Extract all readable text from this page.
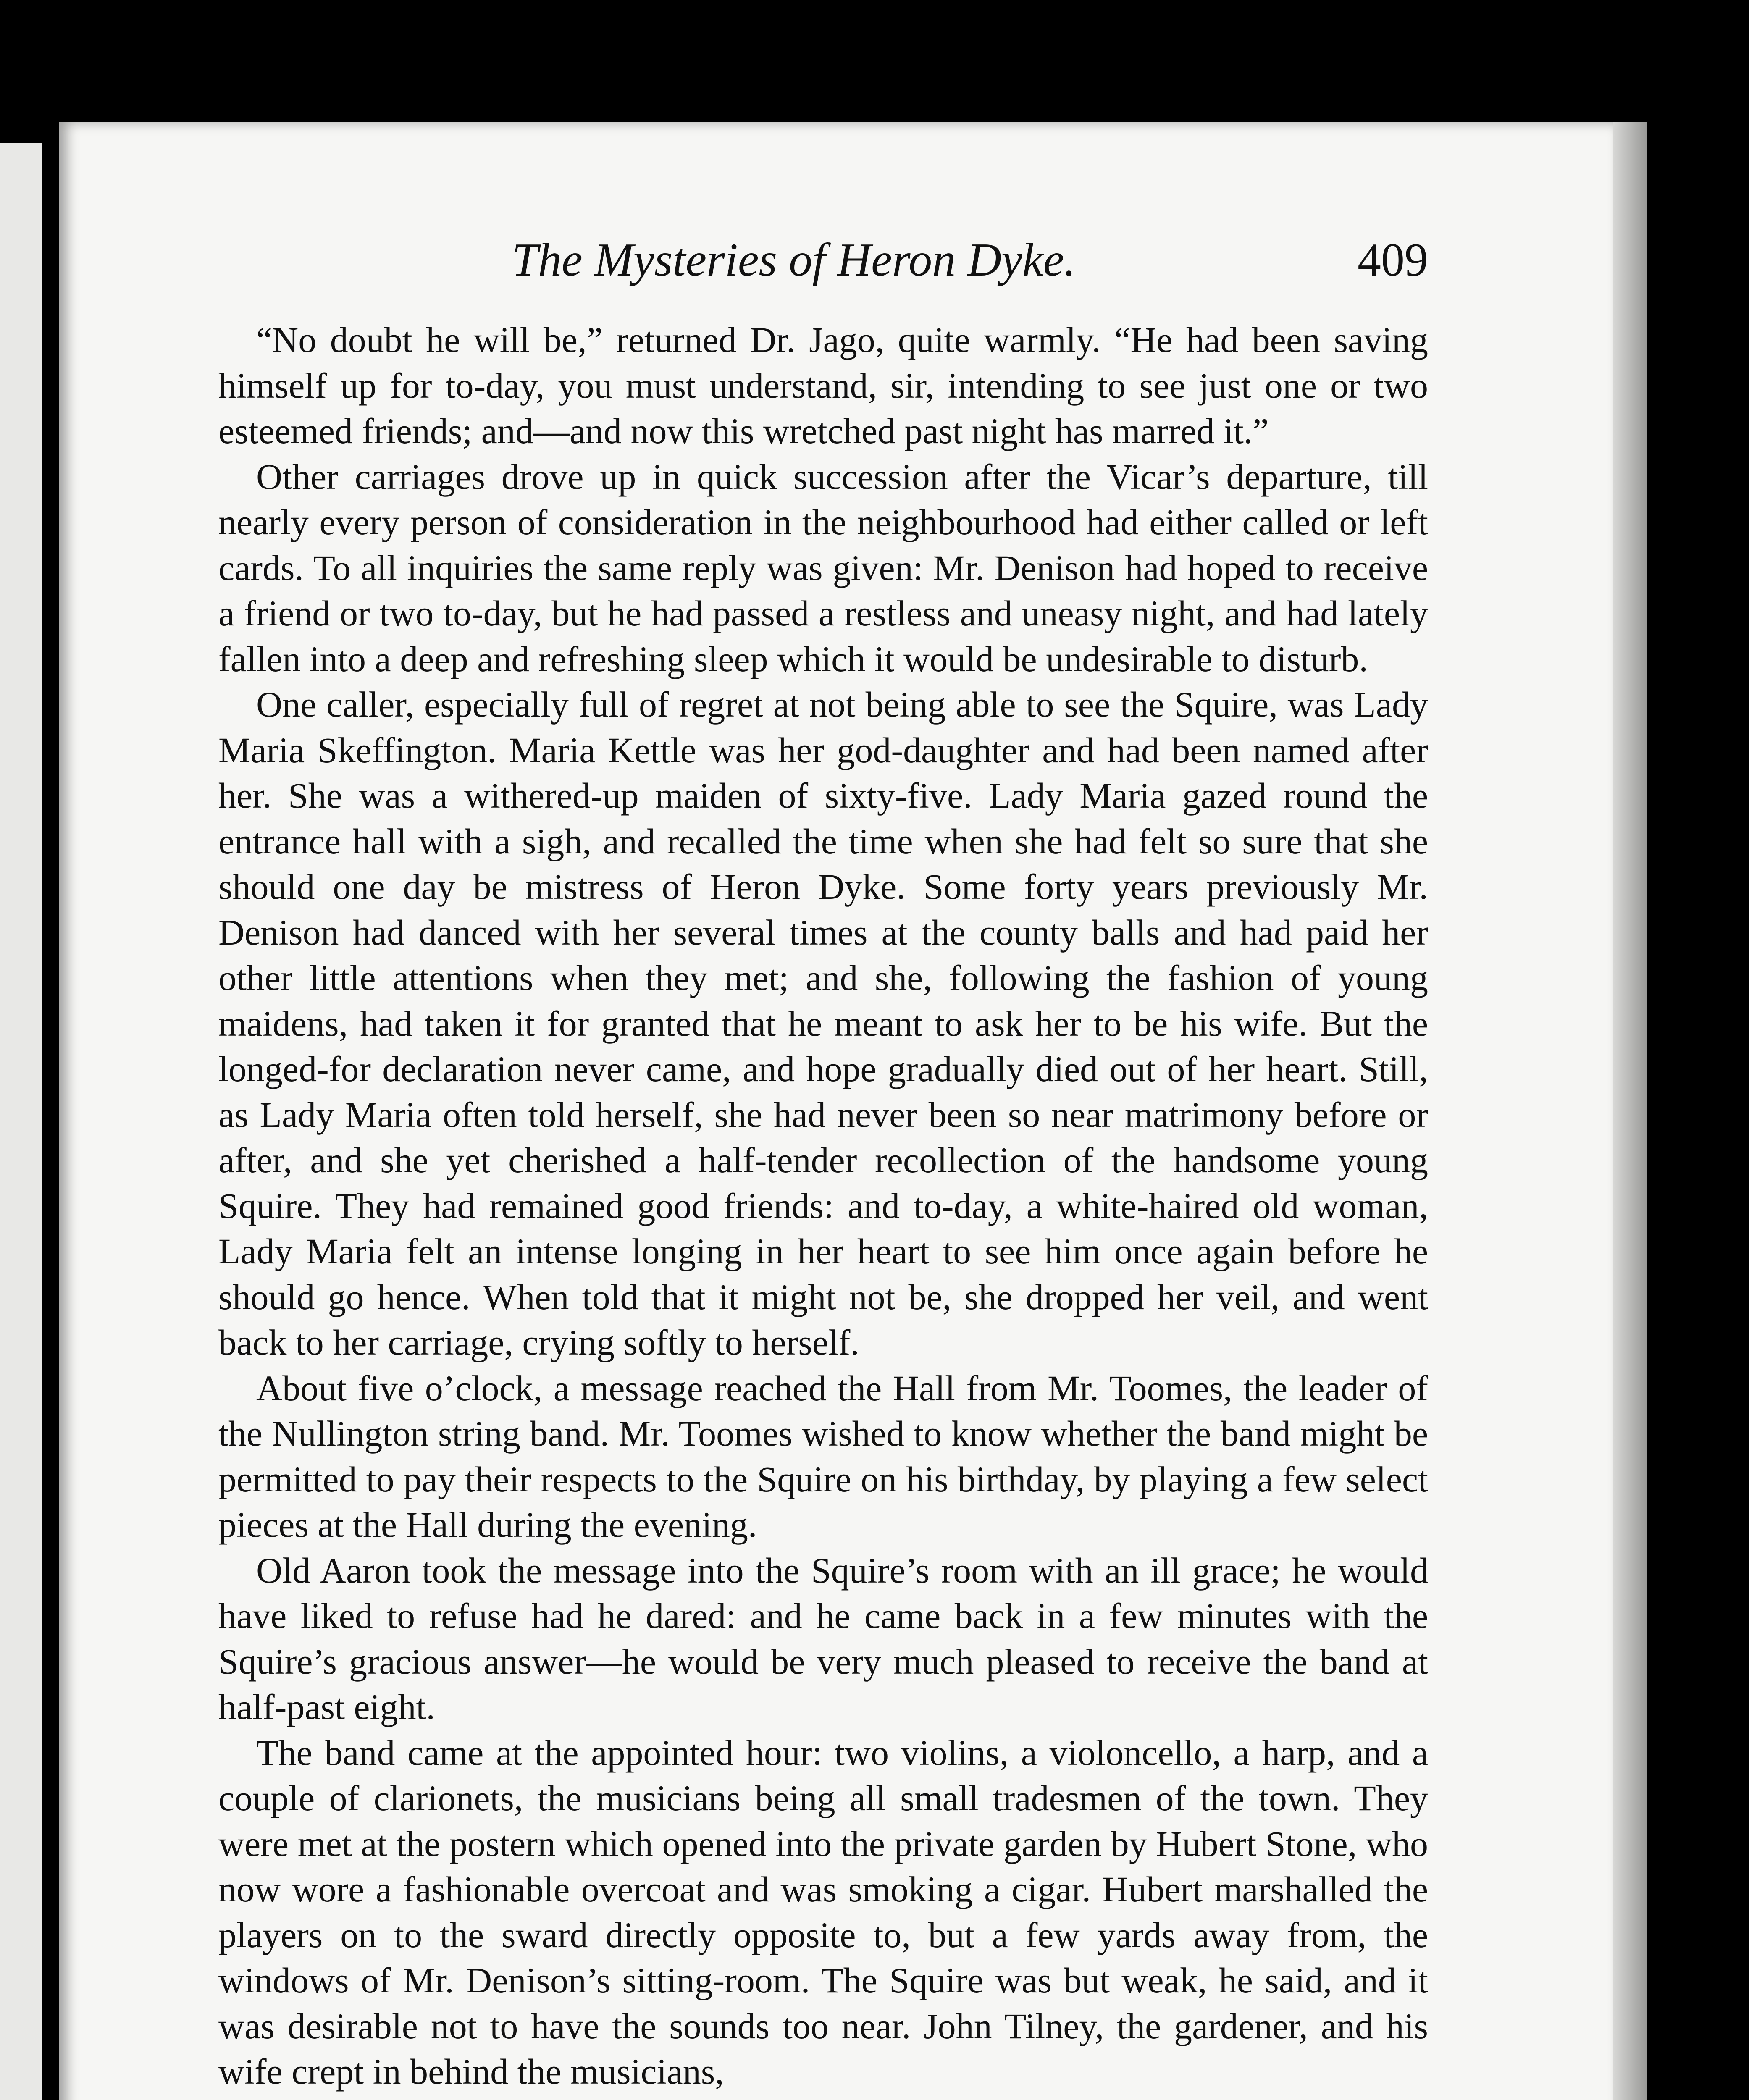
The Mysteries of Heron Dyke.	409

“No doubt he will be,” returned Dr. Jago, quite warmly. “He had been saving himself up for to-day, you must understand, sir, intending to see just one or two esteemed friends; and—and now this wretched past night has marred it.”

Other carriages drove up in quick succession after the Vicar’s departure, till nearly every person of consideration in the neighbourhood had either called or left cards. To all inquiries the same reply was given: Mr. Denison had hoped to receive a friend or two to-day, but he had passed a restless and uneasy night, and had lately fallen into a deep and refreshing sleep which it would be undesirable to disturb.

One caller, especially full of regret at not being able to see the Squire, was Lady Maria Skeffington. Maria Kettle was her god-daughter and had been named after her. She was a withered-up maiden of sixty-five. Lady Maria gazed round the entrance hall with a sigh, and recalled the time when she had felt so sure that she should one day be mistress of Heron Dyke. Some forty years previously Mr. Denison had danced with her several times at the county balls and had paid her other little attentions when they met; and she, following the fashion of young maidens, had taken it for granted that he meant to ask her to be his wife. But the longed-for declaration never came, and hope gradually died out of her heart. Still, as Lady Maria often told herself, she had never been so near matrimony before or after, and she yet cherished a half-tender recollection of the handsome young Squire. They had remained good friends: and to-day, a white-haired old woman, Lady Maria felt an intense longing in her heart to see him once again before he should go hence. When told that it might not be, she dropped her veil, and went back to her carriage, crying softly to herself.

About five o’clock, a message reached the Hall from Mr. Toomes, the leader of the Nullington string band. Mr. Toomes wished to know whether the band might be permitted to pay their respects to the Squire on his birthday, by playing a few select pieces at the Hall during the evening.

Old Aaron took the message into the Squire’s room with an ill grace; he would have liked to refuse had he dared: and he came back in a few minutes with the Squire’s gracious answer—he would be very much pleased to receive the band at half-past eight.

The band came at the appointed hour: two violins, a violoncello, a harp, and a couple of clarionets, the musicians being all small tradesmen of the town. They were met at the postern which opened into the private garden by Hubert Stone, who now wore a fashionable overcoat and was smoking a cigar. Hubert marshalled the players on to the sward directly opposite to, but a few yards away from, the windows of Mr. Denison’s sitting-room. The Squire was but weak, he said, and it was desirable not to have the sounds too near. John Tilney, the gardener, and his wife crept in behind the musicians,
